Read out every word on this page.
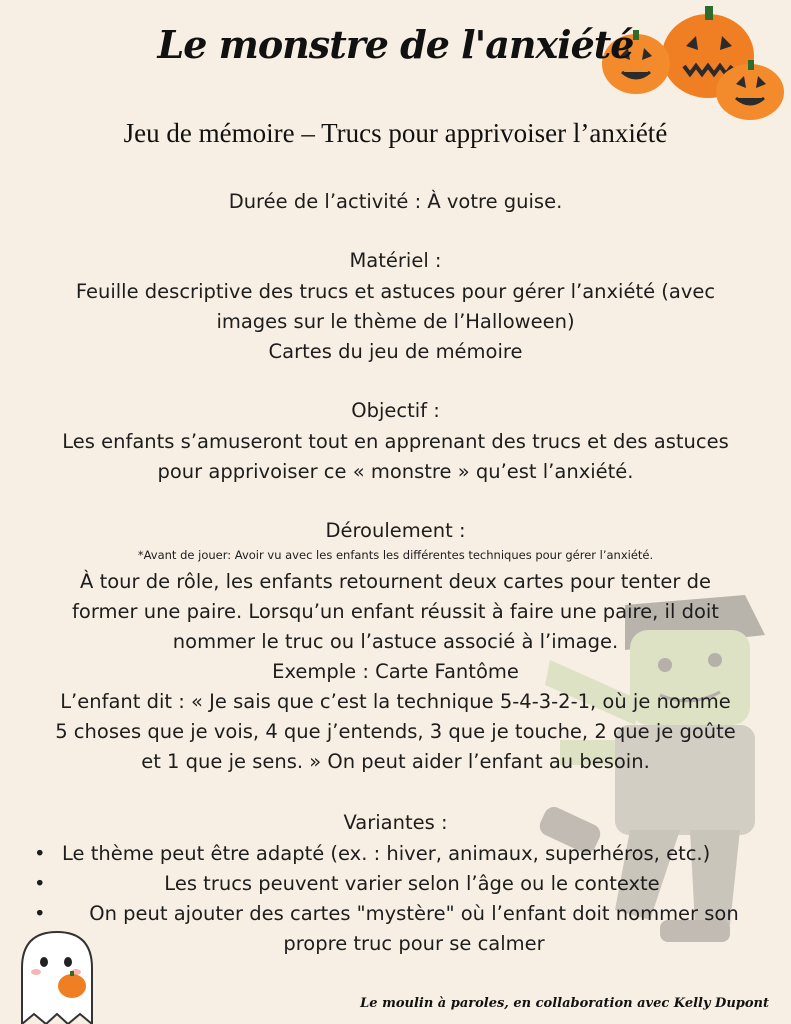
Le monstre de l'anxiété
Jeu de mémoire – Trucs pour apprivoiser l’anxiété
Durée de l’activité : À votre guise.
Matériel :
Feuille descriptive des trucs et astuces pour gérer l’anxiété (avec
images sur le thème de l’Halloween)
Cartes du jeu de mémoire
Objectif :
Les enfants s’amuseront tout en apprenant des trucs et des astuces
pour apprivoiser ce « monstre » qu’est l’anxiété.
Déroulement :
*Avant de jouer: Avoir vu avec les enfants les différentes techniques pour gérer l’anxiété.
À tour de rôle, les enfants retournent deux cartes pour tenter de
former une paire. Lorsqu’un enfant réussit à faire une paire, il doit
nommer le truc ou l’astuce associé à l’image.
Exemple : Carte Fantôme
L’enfant dit : « Je sais que c’est la technique 5-4-3-2-1, où je nomme
5 choses que je vois, 4 que j’entends, 3 que je touche, 2 que je goûte
et 1 que je sens. » On peut aider l’enfant au besoin.
Variantes :
• Le thème peut être adapté (ex. : hiver, animaux, superhéros, etc.)
•	Les trucs peuvent varier selon l’âge ou le contexte
•	On peut ajouter des cartes "mystère" où l’enfant doit nommer son
propre truc pour se calmer
Le moulin à paroles, en collaboration avec Kelly Dupont
